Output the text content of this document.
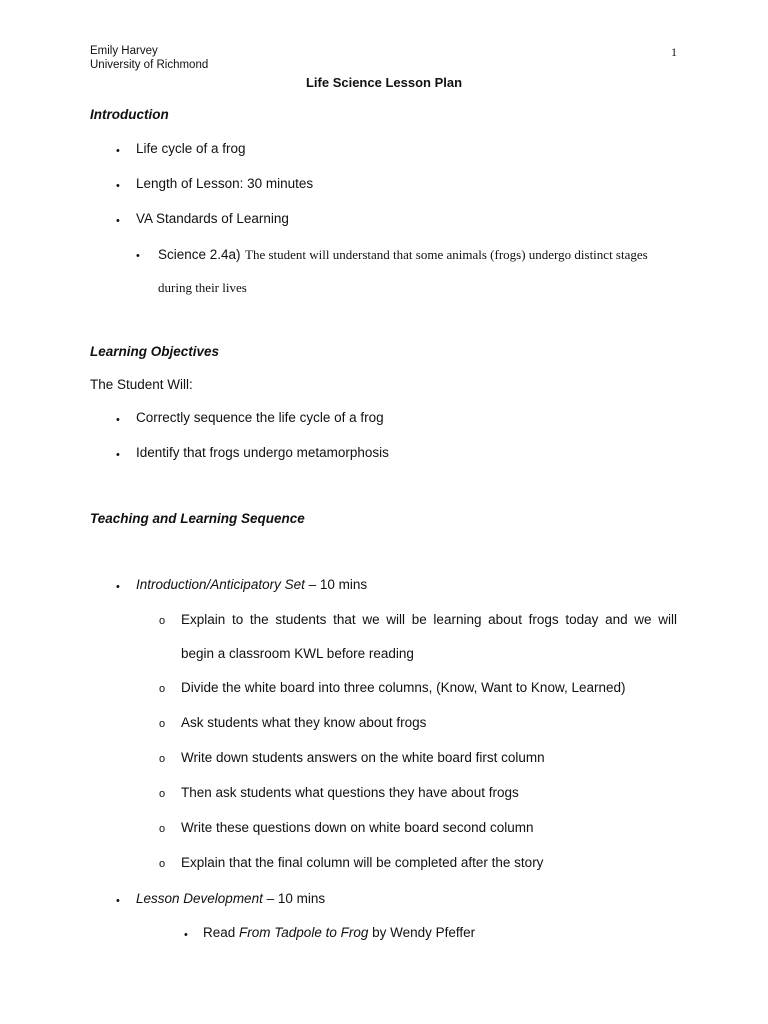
Emily Harvey
University of Richmond
1
Life Science Lesson Plan
Introduction
• Life cycle of a frog
• Length of Lesson: 30 minutes
• VA Standards of Learning
• Science 2.4a) The student will understand that some animals (frogs) undergo distinct stages
during their lives
Learning Objectives
The Student Will:
• Correctly sequence the life cycle of a frog
• Identify that frogs undergo metamorphosis
Teaching and Learning Sequence
• Introduction/Anticipatory Set – 10 mins
o Explain to the students that we will be learning about frogs today and we will
begin a classroom KWL before reading
o Divide the white board into three columns, (Know, Want to Know, Learned)
o Ask students what they know about frogs
o Write down students answers on the white board first column
o Then ask students what questions they have about frogs
o Write these questions down on white board second column
o Explain that the final column will be completed after the story
• Lesson Development – 10 mins
• Read From Tadpole to Frog by Wendy Pfeffer
